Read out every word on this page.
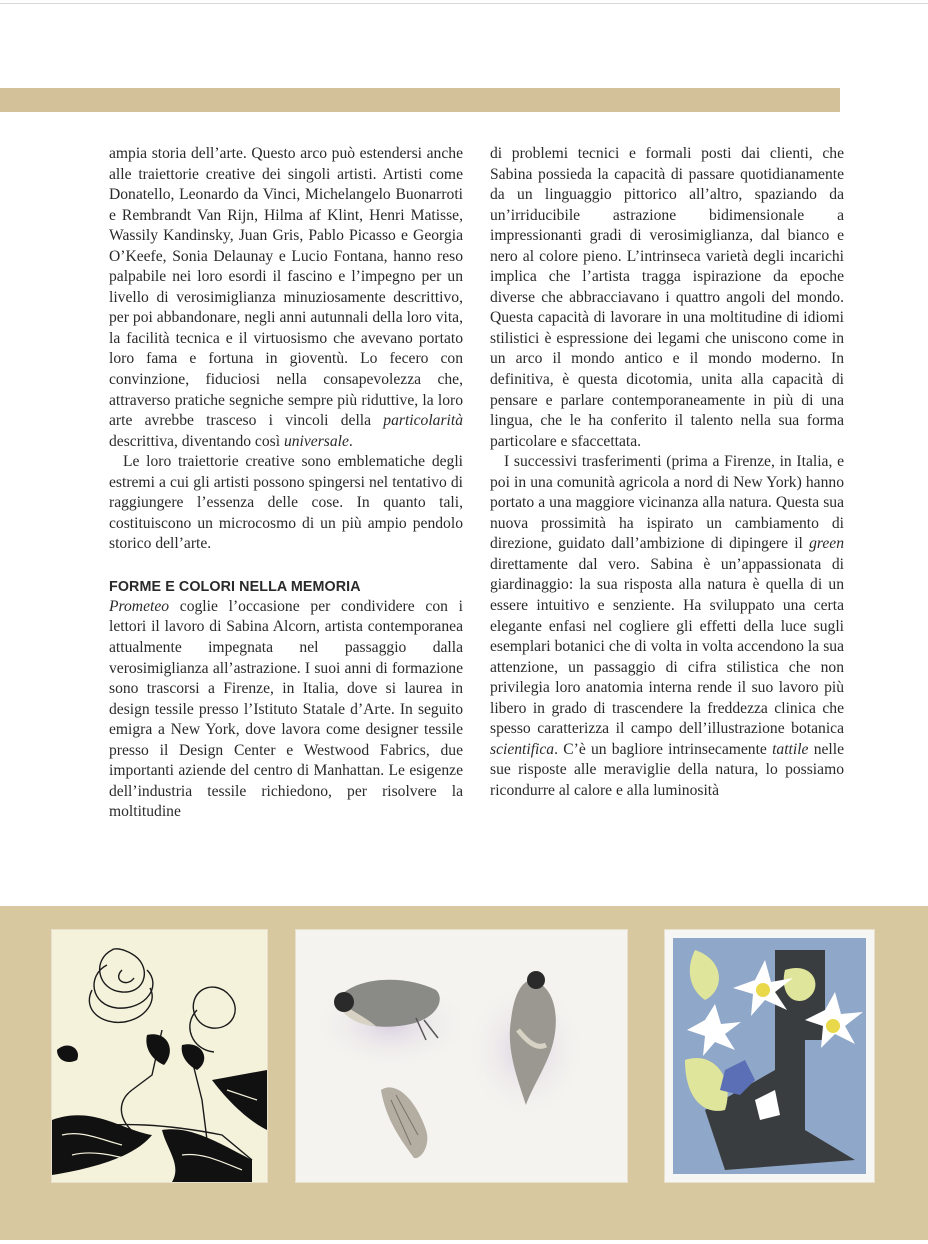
ampia storia dell’arte. Questo arco può estendersi anche alle traiettorie creative dei singoli artisti. Artisti come Donatello, Leonardo da Vinci, Michelangelo Buonarroti e Rembrandt Van Rijn, Hilma af Klint, Henri Matisse, Wassily Kandinsky, Juan Gris, Pablo Picasso e Georgia O’Keefe, Sonia Delaunay e Lucio Fontana, hanno reso palpabile nei loro esordi il fascino e l’impegno per un livello di verosimiglianza minuziosamente descrittivo, per poi abbandonare, negli anni autunnali della loro vita, la facilità tecnica e il virtuosismo che avevano portato loro fama e fortuna in gioventù. Lo fecero con convinzione, fiduciosi nella consapevolezza che, attraverso pratiche segniche sempre più riduttive, la loro arte avrebbe trasceso i vincoli della particolarità descrittiva, diventando così universale.

Le loro traiettorie creative sono emblematiche degli estremi a cui gli artisti possono spingersi nel tentativo di raggiungere l’essenza delle cose. In quanto tali, costituiscono un microcosmo di un più ampio pendolo storico dell’arte.

FORME E COLORI NELLA MEMORIA

Prometeo coglie l’occasione per condividere con i lettori il lavoro di Sabina Alcorn, artista contemporanea attualmente impegnata nel passaggio dalla verosimiglianza all’astrazione. I suoi anni di formazione sono trascorsi a Firenze, in Italia, dove si laurea in design tessile presso l’Istituto Statale d’Arte. In seguito emigra a New York, dove lavora come designer tessile presso il Design Center e Westwood Fabrics, due importanti aziende del centro di Manhattan. Le esigenze dell’industria tessile richiedono, per risolvere la moltitudine

di problemi tecnici e formali posti dai clienti, che Sabina possieda la capacità di passare quotidianamente da un linguaggio pittorico all’altro, spaziando da un’irriducibile astrazione bidimensionale a impressionanti gradi di verosimiglianza, dal bianco e nero al colore pieno. L’intrinseca varietà degli incarichi implica che l’artista tragga ispirazione da epoche diverse che abbracciavano i quattro angoli del mondo. Questa capacità di lavorare in una moltitudine di idiomi stilistici è espressione dei legami che uniscono come in un arco il mondo antico e il mondo moderno. In definitiva, è questa dicotomia, unita alla capacità di pensare e parlare contemporaneamente in più di una lingua, che le ha conferito il talento nella sua forma particolare e sfaccettata.

I successivi trasferimenti (prima a Firenze, in Italia, e poi in una comunità agricola a nord di New York) hanno portato a una maggiore vicinanza alla natura. Questa sua nuova prossimità ha ispirato un cambiamento di direzione, guidato dall’ambizione di dipingere il green direttamente dal vero. Sabina è un’appassionata di giardinaggio: la sua risposta alla natura è quella di un essere intuitivo e senziente. Ha sviluppato una certa elegante enfasi nel cogliere gli effetti della luce sugli esemplari botanici che di volta in volta accendono la sua attenzione, un passaggio di cifra stilistica che non privilegia loro anatomia interna rende il suo lavoro più libero in grado di trascendere la freddezza clinica che spesso caratterizza il campo dell’illustrazione botanica scientifica. C’è un bagliore intrinsecamente tattile nelle sue risposte alle meraviglie della natura, lo possiamo ricondurre al calore e alla luminosità
